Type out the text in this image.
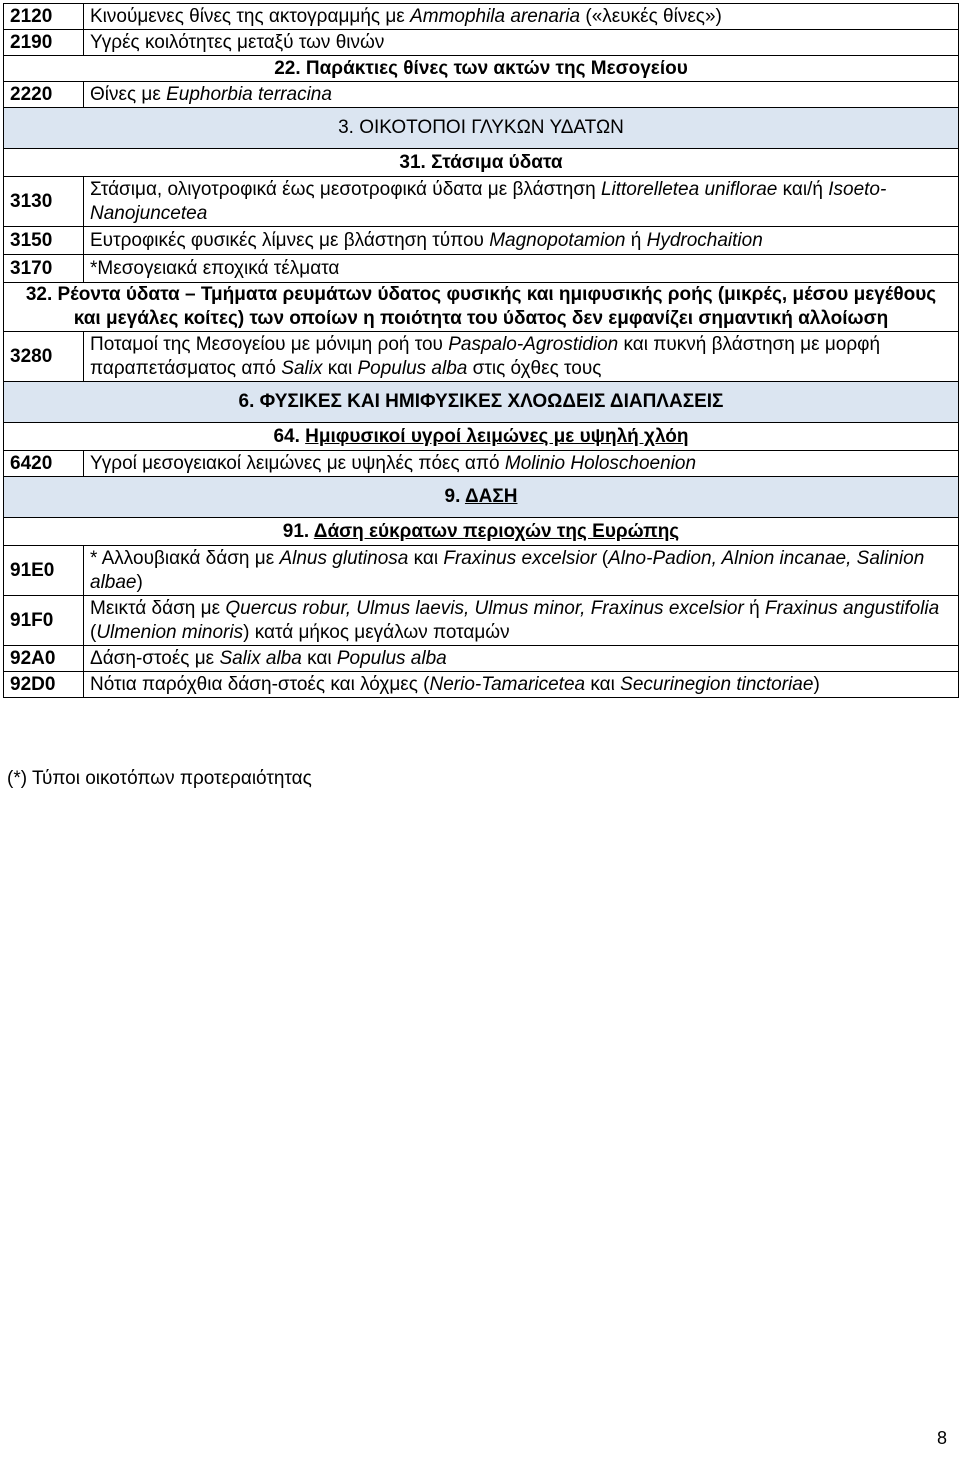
2120	Κινούμενες θίνες της ακτογραμμής με Ammophila arenaria («λευκές θίνες»)
2190	Υγρές κοιλότητες μεταξύ των θινών
22. Παράκτιες θίνες των ακτών της Μεσογείου	
2220	Θίνες με Euphorbia terracina
3. ΟΙΚΟΤΟΠΟΙ ΓΛΥΚΩΝ ΥΔΑΤΩΝ	
31. Στάσιμα ύδατα	
3130	Στάσιμα, ολιγοτροφικά έως μεσοτροφικά ύδατα με βλάστηση Littorelletea uniflorae και/ή Isoeto-Nanojuncetea
3150	Ευτροφικές φυσικές λίμνες με βλάστηση τύπου Magnopotamion ή Hydrochaition
3170	*Μεσογειακά εποχικά τέλματα
32. Ρέοντα ύδατα – Τμήματα ρευμάτων ύδατος φυσικής και ημιφυσικής ροής (μικρές, μέσου μεγέθους και μεγάλες κοίτες) των οποίων η ποιότητα του ύδατος δεν εμφανίζει σημαντική αλλοίωση	
3280	Ποταμοί της Μεσογείου με μόνιμη ροή του Paspalo-Agrostidion και πυκνή βλάστηση με μορφή παραπετάσματος από Salix και Populus alba στις όχθες τους
6. ΦΥΣΙΚΕΣ ΚΑΙ ΗΜΙΦΥΣΙΚΕΣ ΧΛΟΩΔΕΙΣ ΔΙΑΠΛΑΣΕΙΣ	
64. Ημιφυσικοί υγροί λειμώνες με υψηλή χλόη	
6420	Υγροί μεσογειακοί λειμώνες με υψηλές πόες από Molinio Holoschoenion
9. ΔΑΣΗ	
91. Δάση εύκρατων περιοχών της Ευρώπης	
91E0	* Αλλουβιακά δάση με Alnus glutinosa και Fraxinus excelsior (Alno-Padion, Alnion incanae, Salinion albae)
91F0	Μεικτά δάση με Quercus robur, Ulmus laevis, Ulmus minor, Fraxinus excelsior ή Fraxinus angustifolia (Ulmenion minoris) κατά μήκος μεγάλων ποταμών
92A0	Δάση-στοές με Salix alba και Populus alba
92D0	Νότια παρόχθια δάση-στοές και λόχμες (Nerio-Tamaricetea και Securinegion tinctoriae)
(*) Τύποι οικοτόπων προτεραιότητας
8
